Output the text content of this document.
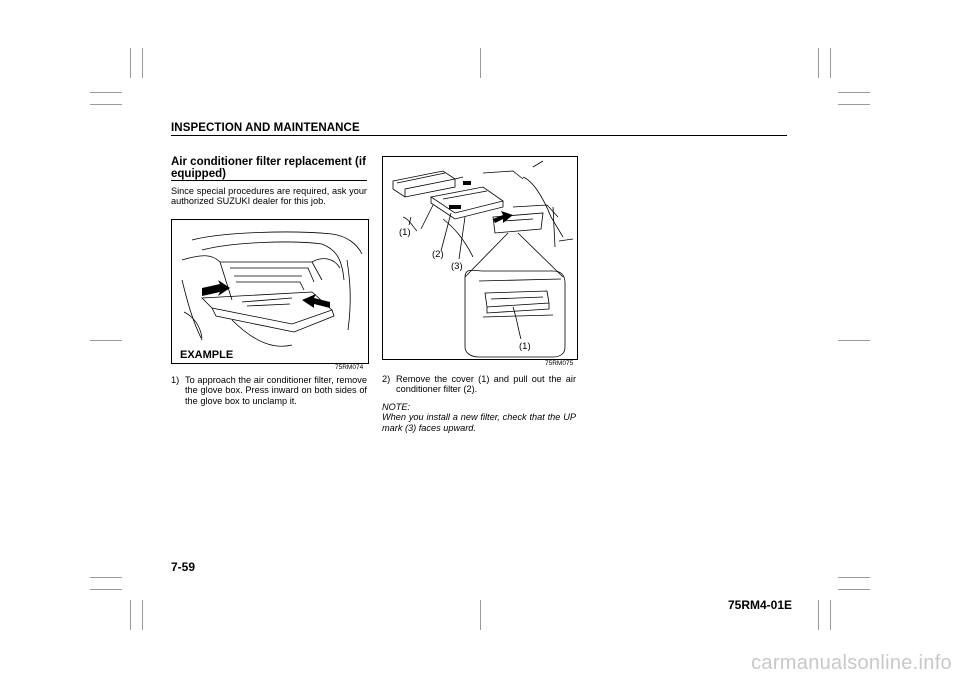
INSPECTION AND MAINTENANCE
Air conditioner filter replacement (if equipped)
Since special procedures are required, ask your authorized SUZUKI dealer for this job.
EXAMPLE
75RM074
1) To approach the air conditioner filter, remove the glove box. Press inward on both sides of the glove box to unclamp it.
(1)
(2)
(3)
(1)
75RM075
2) Remove the cover (1) and pull out the air conditioner filter (2).
NOTE:
When you install a new filter, check that the UP mark (3) faces upward.
7-59
75RM4-01E
carmanualsonline.info
